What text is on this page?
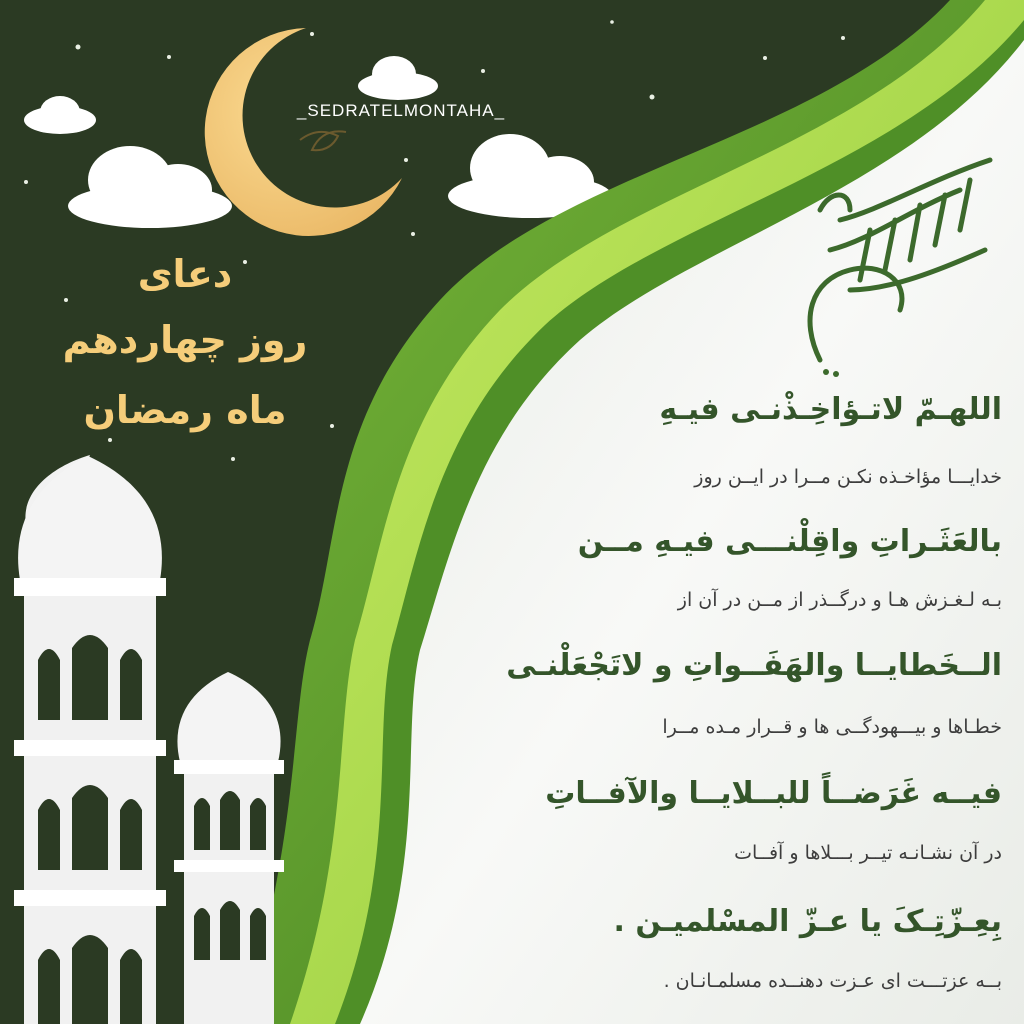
_SEDRATELMONTAHA_
دعای
روز چهاردهم
ماه رمضان	اللهـمّ لاتـؤاخِـذْنـی فیـهِ
خدایـــا مؤاخـذه نکـن مــرا در ایــن روز
بالعَثَـراتِ واقِلْنـــی فیـهِ مــن
بـه لـغـزش هـا و درگــذر از مــن در آن از
الــخَطایــا والهَفَــواتِ و لاتَجْعَلْنـی
خطـاها و بیـــهودگــی ها و قــرار مـده مــرا
فیــه غَرَضــاً للبــلایــا والآفــاتِ
در آن نشـانـه تیــر بـــلاها و آفــات
بِعِـزّتِـکَ یا عـزّ المسْلمیـن .
بــه عزتـــت ای عـزت دهنــده مسلمـانـان .
